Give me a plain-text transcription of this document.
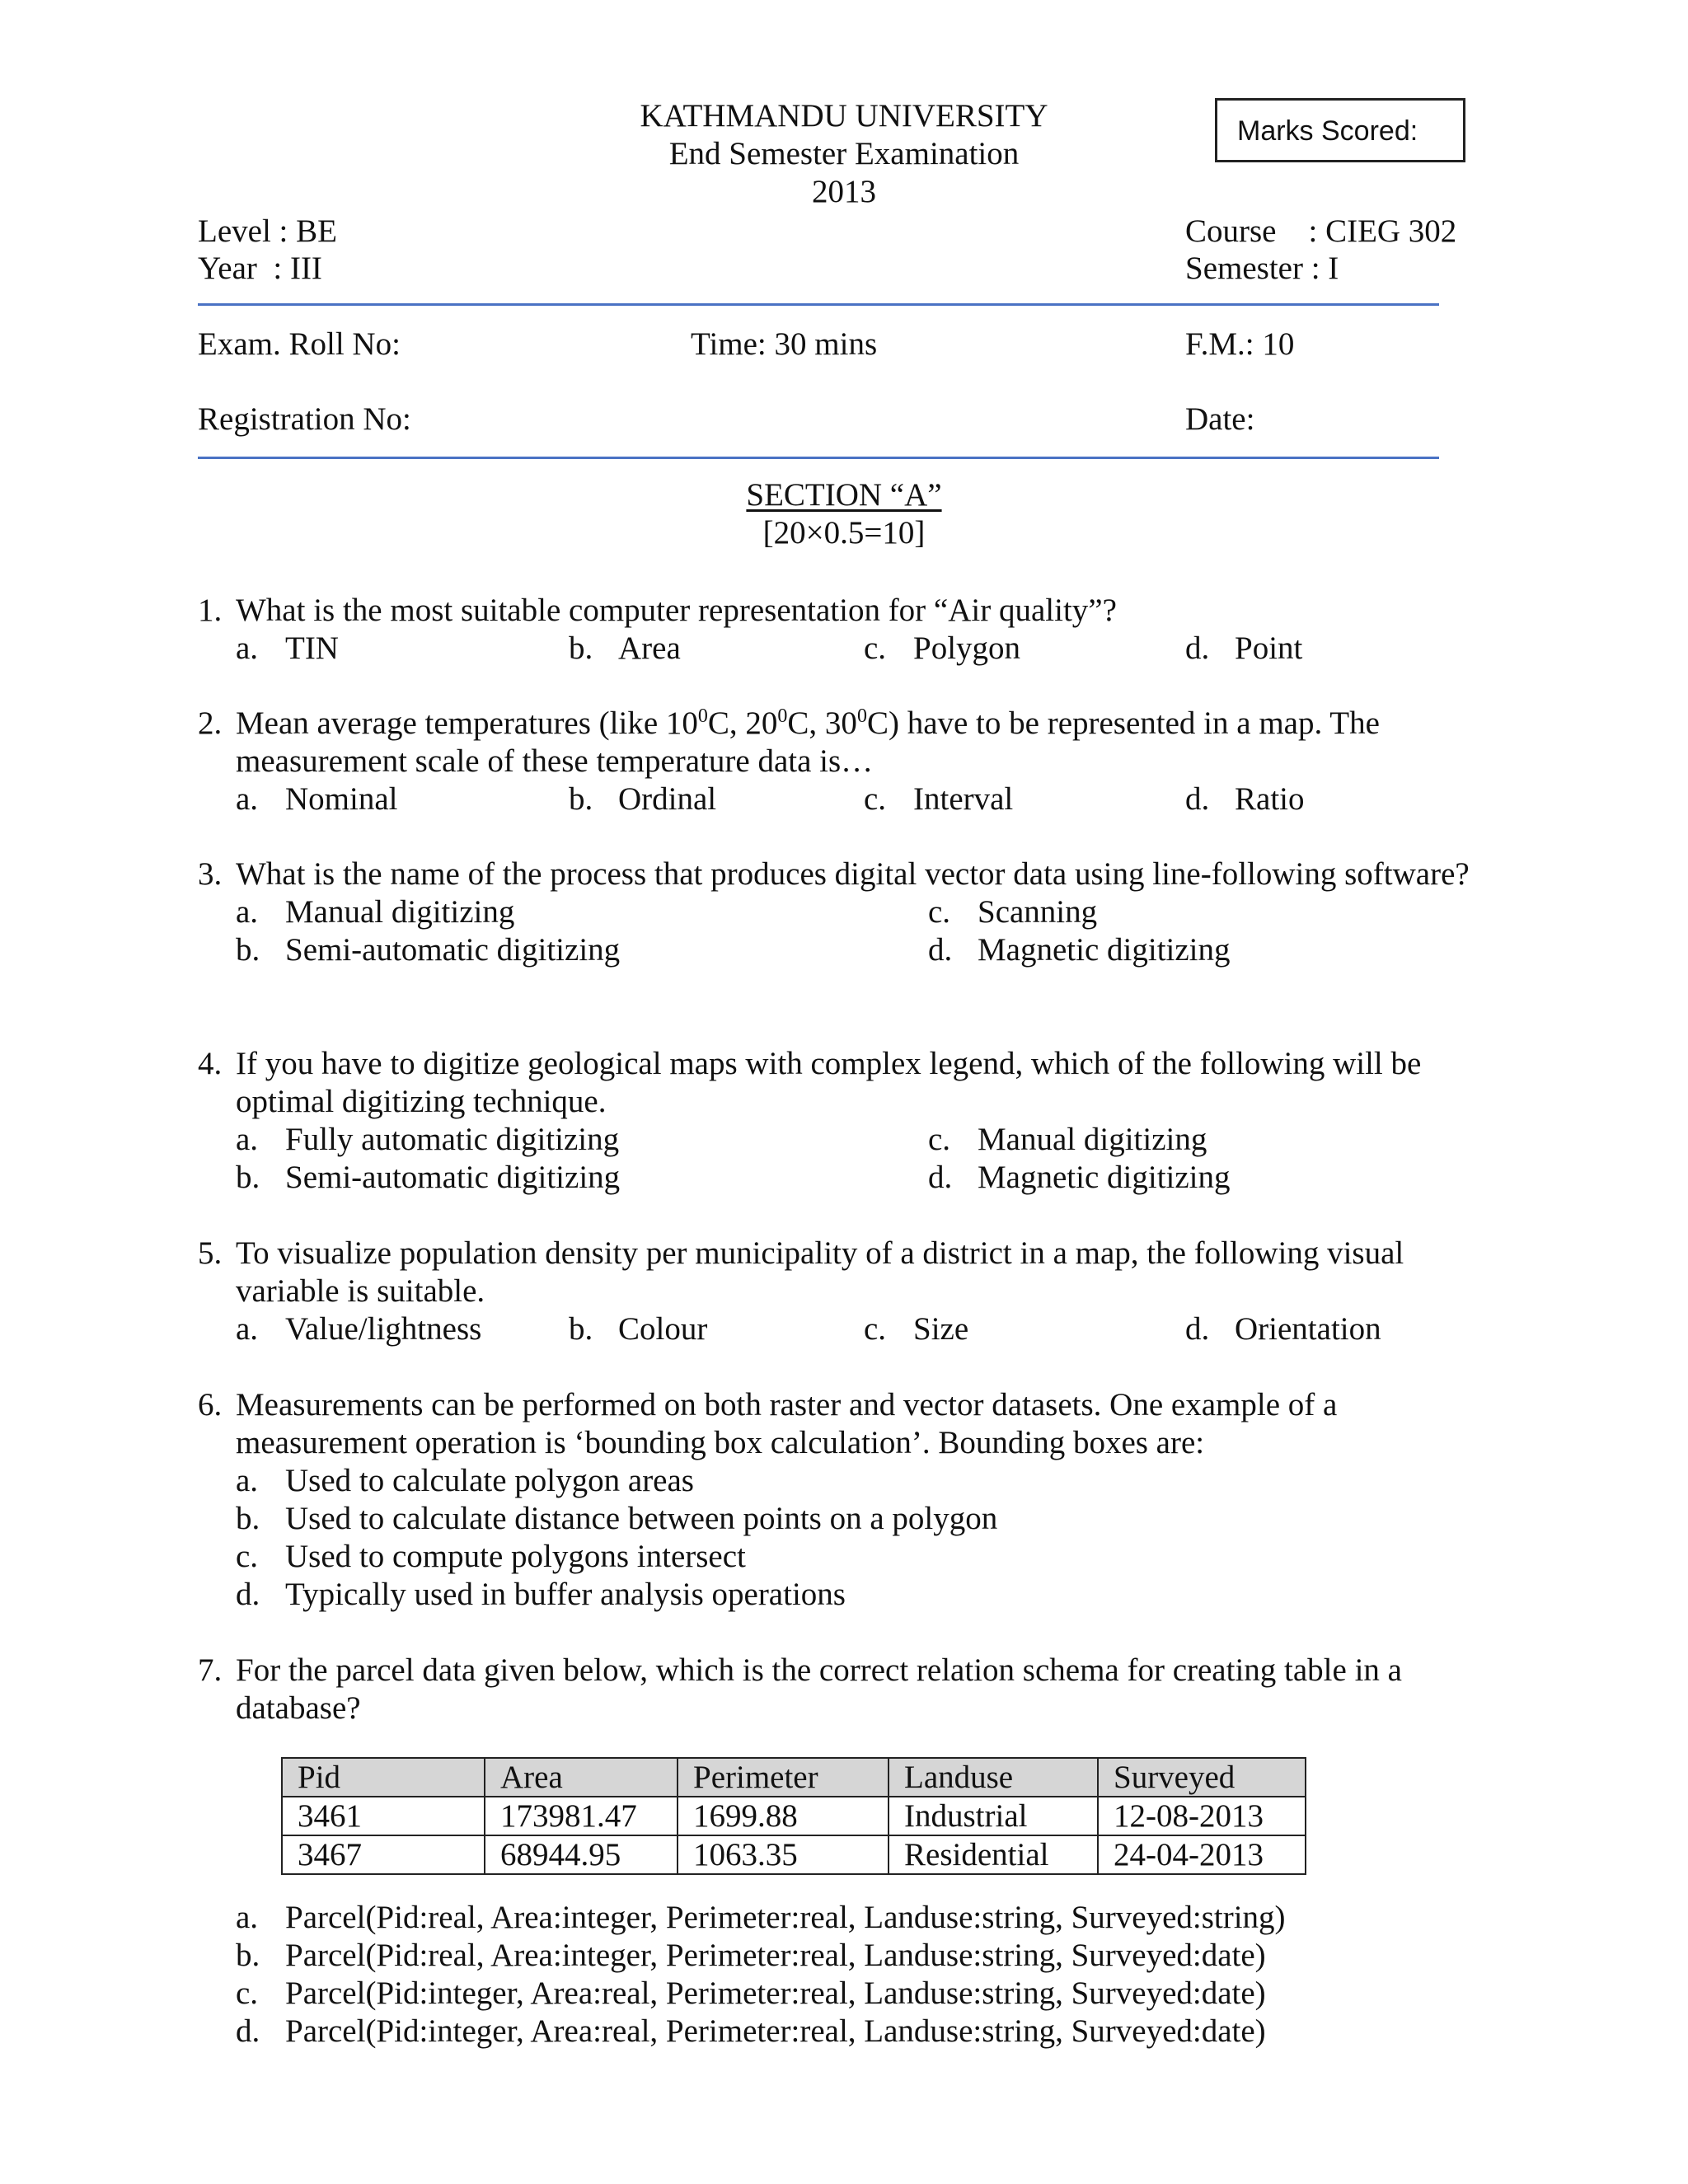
KATHMANDU UNIVERSITY
End Semester Examination
2013
Marks Scored:
Level : BE	Course    : CIEG 302
Year  : III	Semester : I
Exam. Roll No:	Time: 30 mins	F.M.: 10
Registration No:	Date:
SECTION “A”
[20×0.5=10]
1. What is the most suitable computer representation for “Air quality”?
a. TIN	b. Area	c. Polygon	d. Point
2. Mean average temperatures (like $10^0C$, $20^0C$, $30^0C$) have to be represented in a map. The measurement scale of these temperature data is…
a. Nominal	b. Ordinal	c. Interval	d. Ratio
3. What is the name of the process that produces digital vector data using line-following software?
a. Manual digitizing
b. Semi-automatic digitizing
c. Scanning
d. Magnetic digitizing
4. If you have to digitize geological maps with complex legend, which of the following will be optimal digitizing technique.
a. Fully automatic digitizing
b. Semi-automatic digitizing
c. Manual digitizing
d. Magnetic digitizing
5. To visualize population density per municipality of a district in a map, the following visual variable is suitable.
a. Value/lightness	b. Colour	c. Size	d. Orientation
6. Measurements can be performed on both raster and vector datasets. One example of a measurement operation is ‘bounding box calculation’. Bounding boxes are:
a. Used to calculate polygon areas
b. Used to calculate distance between points on a polygon
c. Used to compute polygons intersect
d. Typically used in buffer analysis operations
7. For the parcel data given below, which is the correct relation schema for creating table in a database?
Pid	Area	Perimeter	Landuse	Surveyed
3461	173981.47	1699.88	Industrial	12-08-2013
3467	68944.95	1063.35	Residential	24-04-2013
a. Parcel(Pid:real, Area:integer, Perimeter:real, Landuse:string, Surveyed:string)
b. Parcel(Pid:real, Area:integer, Perimeter:real, Landuse:string, Surveyed:date)
c. Parcel(Pid:integer, Area:real, Perimeter:real, Landuse:string, Surveyed:date)
d. Parcel(Pid:integer, Area:real, Perimeter:real, Landuse:string, Surveyed:date)
